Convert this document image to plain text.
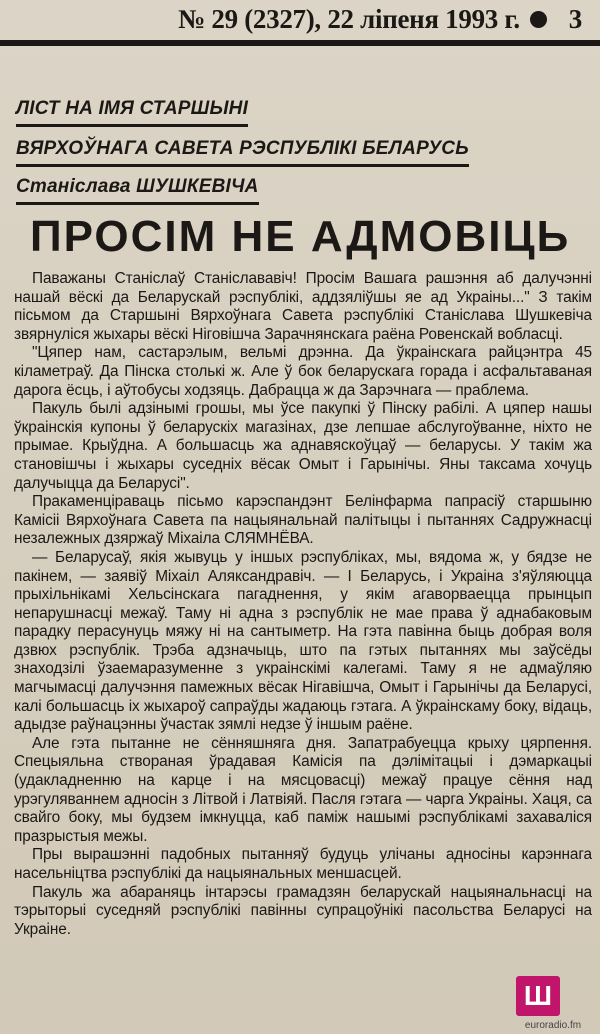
№ 29 (2327), 22 ліпеня 1993 г. 3
ЛІСТ НА ІМЯ СТАРШЫНІ
ВЯРХОЎНАГА САВЕТА РЭСПУБЛІКІ БЕЛАРУСЬ
Станіслава ШУШКЕВІЧА
ПРОСІМ НЕ АДМОВІЦЬ

Паважаны Станіслаў Станіслававіч! Просім Вашага рашэння аб далучэнні нашай вёскі да Беларускай рэспублікі, аддзяліўшы яе ад Украіны..." З такім пісьмом да Старшыні Вярхоўнага Савета рэспублікі Станіслава Шушкевіча звярнуліся жыхары вёскі Ніговішча Зарачнянскага раёна Ровенскай вобласці.

"Цяпер нам, састарэлым, вельмі дрэнна. Да ўкраінскага райцэнтра 45 кіламетраў. Да Пінска столькі ж. Але ў бок беларускага горада і асфальтаваная дарога ёсць, і аўтобусы ходзяць. Дабрацца ж да Зарэчнага — праблема.

Пакуль былі адзінымі грошы, мы ўсе пакупкі ў Пінску рабілі. А цяпер нашы ўкраінскія купоны ў беларускіх магазінах, дзе лепшае абслугоўванне, ніхто не прымае. Крыўдна. А большасць жа аднавяскоўцаў — беларусы. У такім жа становішчы і жыхары суседніх вёсак Омыт і Гарынічы. Яны таксама хочуць далучыцца да Беларусі".

Пракаменціраваць пісьмо карэспандэнт Белінфарма папрасіў старшыню Камісіі Вярхоўнага Савета па нацыянальнай палітыцы і пытаннях Садружнасці незалежных дзяржаў Міхаіла СЛЯМНЁВА.

— Беларусаў, якія жывуць у іншых рэспубліках, мы, вядома ж, у бядзе не пакінем, — заявіў Міхаіл Аляксандравіч. — І Беларусь, і Украіна з'яўляюцца прыхільнікамі Хельсінскага пагаднення, у якім агаворваецца прынцып непарушнасці межаў. Таму ні адна з рэспублік не мае права ў аднабаковым парадку перасунуць мяжу ні на сантыметр. На гэта павінна быць добрая воля дзвюх рэспублік. Трэба адзначыць, што па гэтых пытаннях мы заўсёды знаходзілі ўзаемаразуменне з украінскімі калегамі. Таму я не адмаўляю магчымасці далучэння памежных вёсак Нігавішча, Омыт і Гарынічы да Беларусі, калі большасць іх жыхароў сапраўды жадаюць гэтага. А ўкраінскаму боку, відаць, адыдзе раўнацэнны ўчастак зямлі недзе ў іншым раёне.

Але гэта пытанне не сённяшняга дня. Запатрабуецца крыху цярпення. Спецыяльна створаная ўрадавая Камісія па дэлімітацыі і дэмаркацыі (удакладненню на карце і на мясцовасці) межаў працуе сёння над урэгуляваннем адносін з Літвой і Латвіяй. Пасля гэтага — чарга Украіны. Хаця, са свайго боку, мы будзем імкнуцца, каб паміж нашымі рэспублікамі захавалiся празрыстыя межы.

Пры вырашэнні падобных пытанняў будуць улічаны адносіны карэннага насельніцтва рэспублікі да нацыянальных меншасцей.

Пакуль жа абараняць інтарэсы грамадзян беларускай нацыянальнасці на тэрыторыі суседняй рэспублікі павінны супрацоўнікі пасольства Беларусі на Украіне.

Ш
euroradio.fm
